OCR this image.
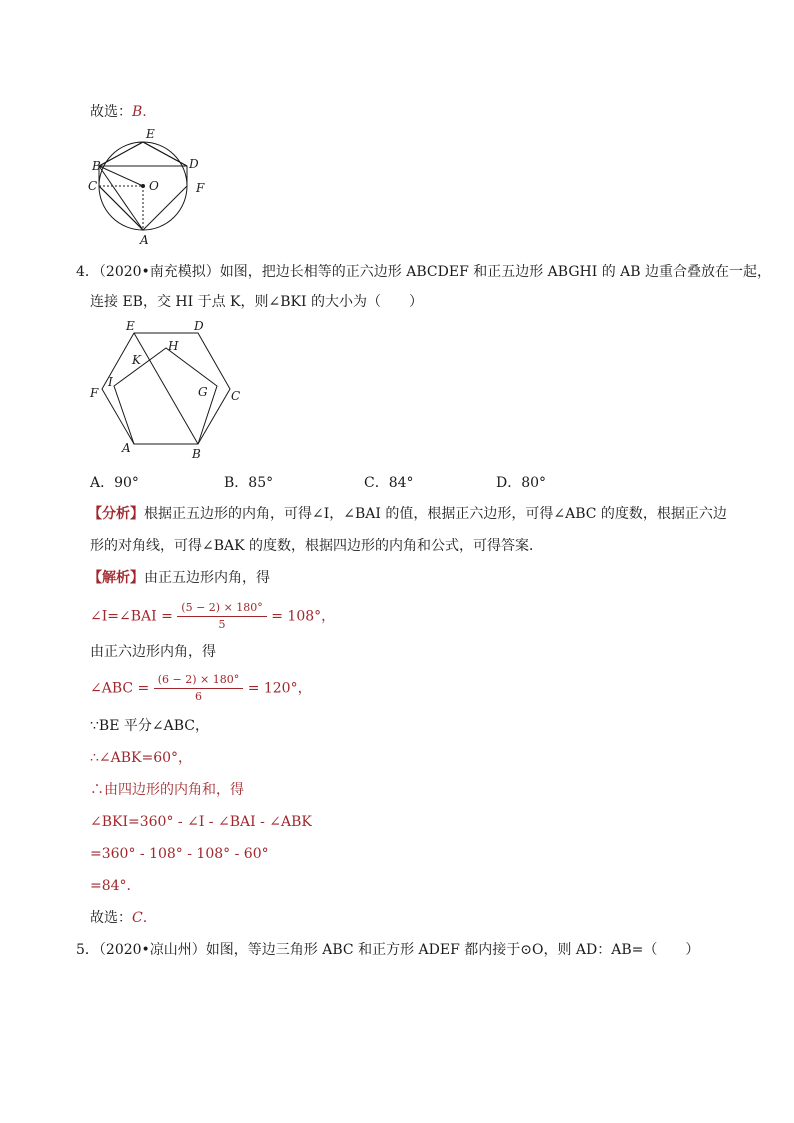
故选：B.
E
B	D
C	O	F
A
4．（2020•南充模拟）如图，把边长相等的正六边形 ABCDEF 和正五边形 ABGHI 的 AB 边重合叠放在一起，
连接 EB，交 HI 于点 K，则∠BKI 的大小为（　　）
E	D
H
K
I
F	G C
A	B
A．90°	B．85°	C．84°	D．80°
【分析】根据正五边形的内角，可得∠I，∠BAI 的值，根据正六边形，可得∠ABC 的度数，根据正六边
形的对角线，可得∠BAK 的度数，根据四边形的内角和公式，可得答案．
【解析】由正五边形内角，得
∠I=∠BAI = $\frac{(5 - 2) \times 180^\circ}{5} = 108^\circ$，
由正六边形内角，得
∠ABC = $\frac{(6 - 2) \times 180^\circ}{6} = 120^\circ$，
∵BE 平分∠ABC，
∴∠ABK=60°，
∴由四边形的内角和，得
∠BKI=360° - ∠I - ∠BAI - ∠ABK
=360° - 108° - 108° - 60°
=84°．
故选：C.
5．（2020•凉山州）如图，等边三角形 ABC 和正方形 ADEF 都内接于⊙O，则 AD：AB=（　　）
